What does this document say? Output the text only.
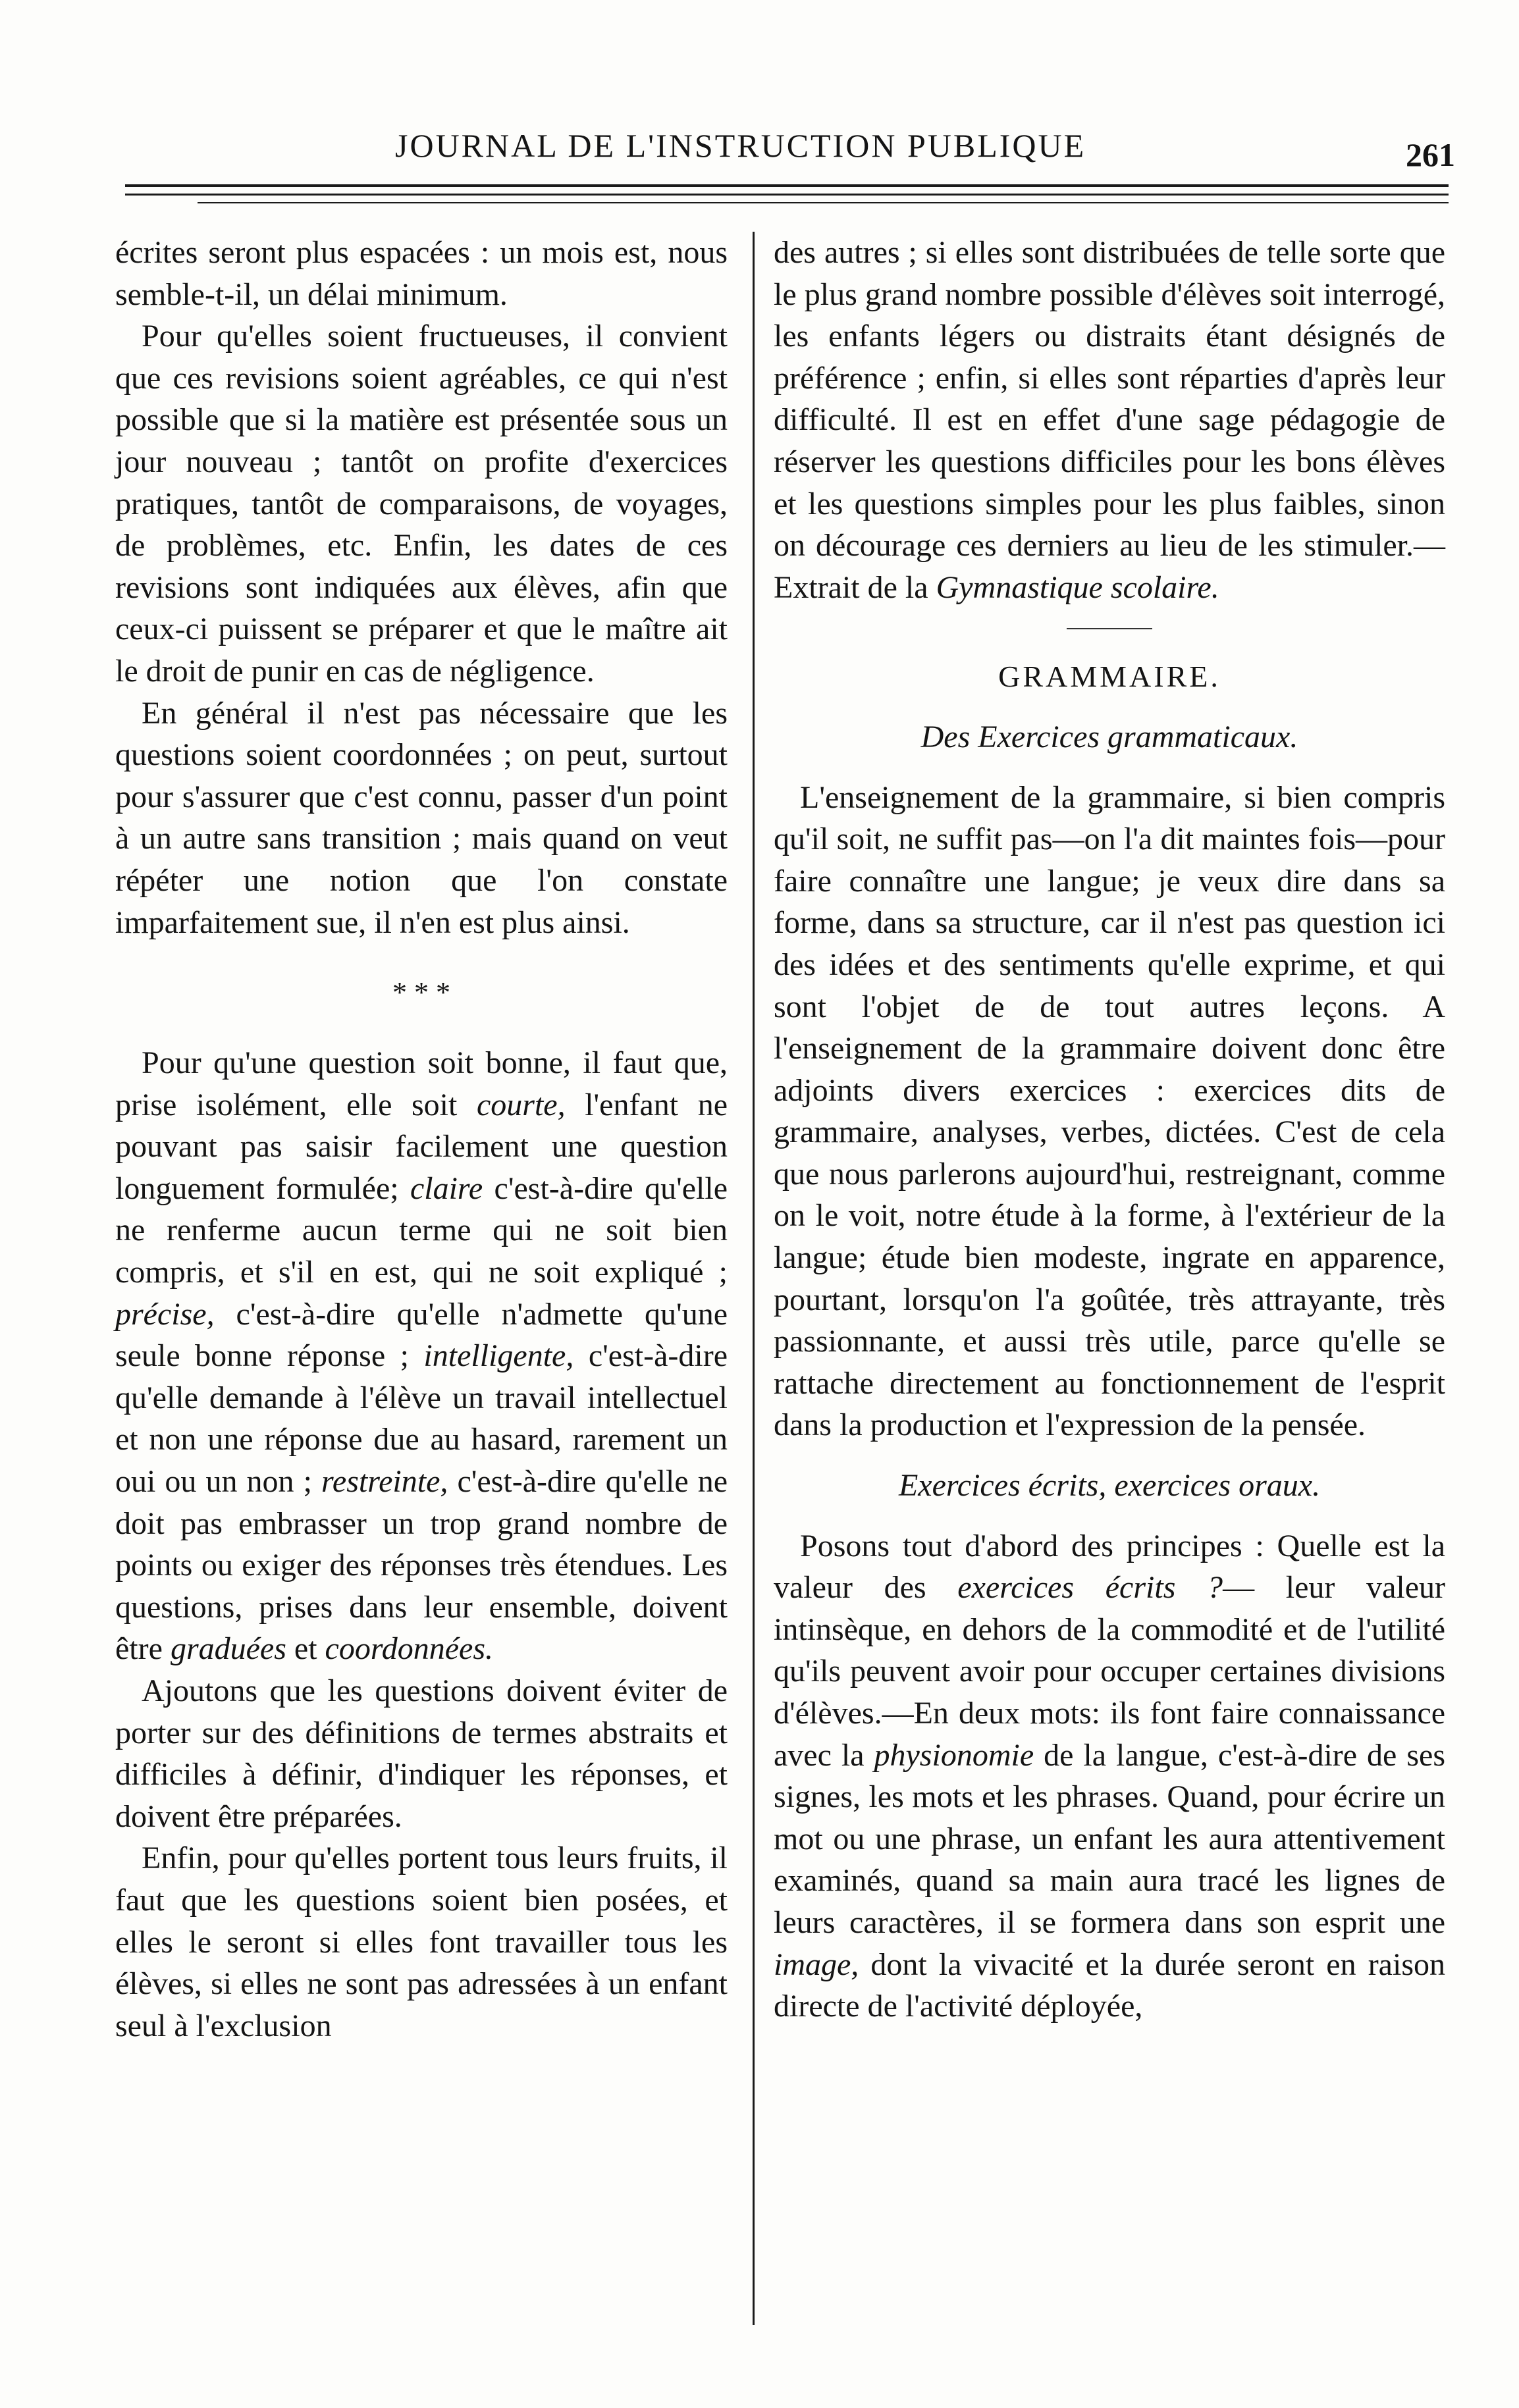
JOURNAL DE L'INSTRUCTION PUBLIQUE	261

écrites seront plus espacées : un mois est, nous semble-t-il, un délai minimum.

Pour qu'elles soient fructueuses, il convient que ces revisions soient agréables, ce qui n'est possible que si la matière est présentée sous un jour nouveau ; tantôt on profite d'exercices pratiques, tantôt de comparaisons, de voyages, de problèmes, etc. Enfin, les dates de ces revisions sont indiquées aux élèves, afin que ceux-ci puissent se préparer et que le maître ait le droit de punir en cas de négligence.

En général il n'est pas nécessaire que les questions soient coordonnées ; on peut, surtout pour s'assurer que c'est connu, passer d'un point à un autre sans transition ; mais quand on veut répéter une notion que l'on constate imparfaitement sue, il n'en est plus ainsi.

* * *

Pour qu'une question soit bonne, il faut que, prise isolément, elle soit courte, l'enfant ne pouvant pas saisir facilement une question longuement formulée; claire c'est-à-dire qu'elle ne renferme aucun terme qui ne soit bien compris, et s'il en est, qui ne soit expliqué ; précise, c'est-à-dire qu'elle n'admette qu'une seule bonne réponse ; intelligente, c'est-à-dire qu'elle demande à l'élève un travail intellectuel et non une réponse due au hasard, rarement un oui ou un non ; restreinte, c'est-à-dire qu'elle ne doit pas embrasser un trop grand nombre de points ou exiger des réponses très étendues. Les questions, prises dans leur ensemble, doivent être graduées et coordonnées.

Ajoutons que les questions doivent éviter de porter sur des définitions de termes abstraits et difficiles à définir, d'indiquer les réponses, et doivent être préparées.

Enfin, pour qu'elles portent tous leurs fruits, il faut que les questions soient bien posées, et elles le seront si elles font travailler tous les élèves, si elles ne sont pas adressées à un enfant seul à l'exclusion

des autres ; si elles sont distribuées de telle sorte que le plus grand nombre possible d'élèves soit interrogé, les enfants légers ou distraits étant désignés de préférence ; enfin, si elles sont réparties d'après leur difficulté. Il est en effet d'une sage pédagogie de réserver les questions difficiles pour les bons élèves et les questions simples pour les plus faibles, sinon on décourage ces derniers au lieu de les stimuler.—Extrait de la Gymnastique scolaire.

GRAMMAIRE.
Des Exercices grammaticaux.

L'enseignement de la grammaire, si bien compris qu'il soit, ne suffit pas—on l'a dit maintes fois—pour faire connaître une langue; je veux dire dans sa forme, dans sa structure, car il n'est pas question ici des idées et des sentiments qu'elle exprime, et qui sont l'objet de de tout autres leçons. A l'enseignement de la grammaire doivent donc être adjoints divers exercices : exercices dits de grammaire, analyses, verbes, dictées. C'est de cela que nous parlerons aujourd'hui, restreignant, comme on le voit, notre étude à la forme, à l'extérieur de la langue; étude bien modeste, ingrate en apparence, pourtant, lorsqu'on l'a goûtée, très attrayante, très passionnante, et aussi très utile, parce qu'elle se rattache directement au fonctionnement de l'esprit dans la production et l'expression de la pensée.

Exercices écrits, exercices oraux.

Posons tout d'abord des principes : Quelle est la valeur des exercices écrits ?— leur valeur intinsèque, en dehors de la commodité et de l'utilité qu'ils peuvent avoir pour occuper certaines divisions d'élèves.—En deux mots: ils font faire connaissance avec la physionomie de la langue, c'est-à-dire de ses signes, les mots et les phrases. Quand, pour écrire un mot ou une phrase, un enfant les aura attentivement examinés, quand sa main aura tracé les lignes de leurs caractères, il se formera dans son esprit une image, dont la vivacité et la durée seront en raison directe de l'activité déployée,
